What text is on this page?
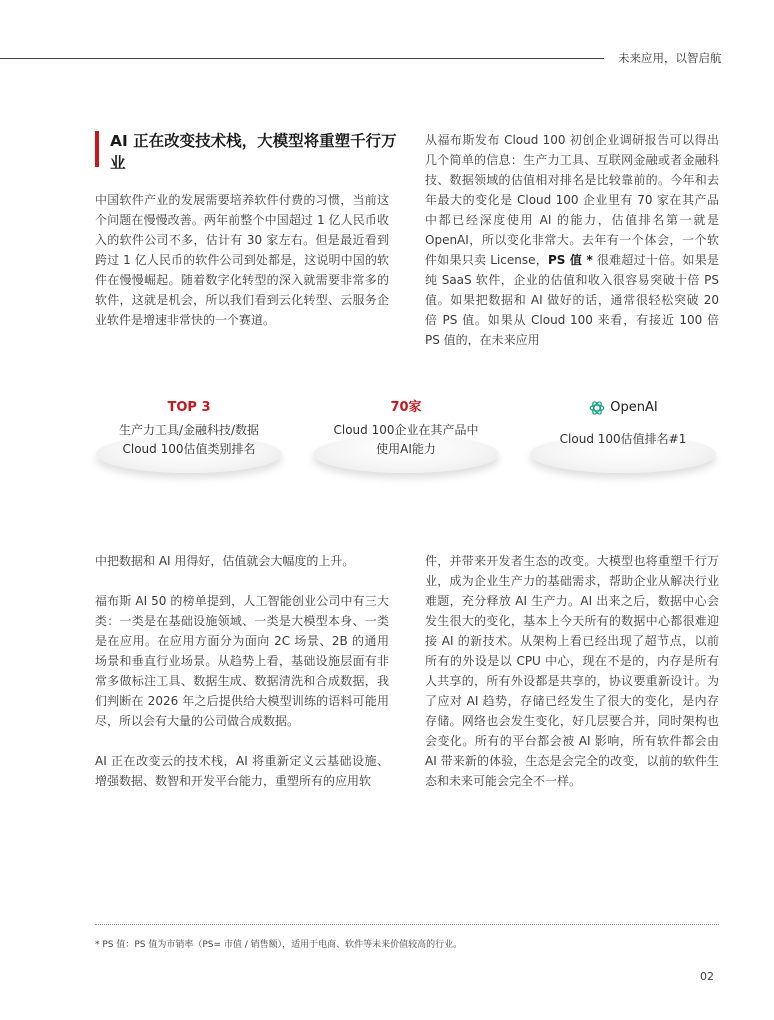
未来应用，以智启航
AI 正在改变技术栈，大模型将重塑千行万业

中国软件产业的发展需要培养软件付费的习惯，当前这个问题在慢慢改善。两年前整个中国超过 1 亿人民币收入的软件公司不多，估计有 30 家左右。但是最近看到跨过 1 亿人民币的软件公司到处都是，这说明中国的软件在慢慢崛起。随着数字化转型的深入就需要非常多的软件，这就是机会，所以我们看到云化转型、云服务企业软件是增速非常快的一个赛道。

从福布斯发布 Cloud 100 初创企业调研报告可以得出几个简单的信息：生产力工具、互联网金融或者金融科技、数据领域的估值相对排名是比较靠前的。今年和去年最大的变化是 Cloud 100 企业里有 70 家在其产品中都已经深度使用 AI 的能力，估值排名第一就是 OpenAI，所以变化非常大。去年有一个体会，一个软件如果只卖 License，PS 值 * 很难超过十倍。如果是纯 SaaS 软件，企业的估值和收入很容易突破十倍 PS 值。如果把数据和 AI 做好的话，通常很轻松突破 20 倍 PS 值。如果从 Cloud 100 来看，有接近 100 倍 PS 值的，在未来应用

TOP 3
生产力工具/金融科技/数据
Cloud 100估值类别排名
70家
Cloud 100企业在其产品中
使用AI能力
OpenAI
Cloud 100估值排名#1

中把数据和 AI 用得好，估值就会大幅度的上升。

福布斯 AI 50 的榜单提到，人工智能创业公司中有三大类：一类是在基础设施领域、一类是大模型本身、一类是在应用。在应用方面分为面向 2C 场景、2B 的通用场景和垂直行业场景。从趋势上看，基础设施层面有非常多做标注工具、数据生成、数据清洗和合成数据，我们判断在 2026 年之后提供给大模型训练的语料可能用尽，所以会有大量的公司做合成数据。

AI 正在改变云的技术栈，AI 将重新定义云基础设施、增强数据、数智和开发平台能力，重塑所有的应用软

件，并带来开发者生态的改变。大模型也将重塑千行万业，成为企业生产力的基础需求，帮助企业从解决行业难题，充分释放 AI 生产力。AI 出来之后，数据中心会发生很大的变化，基本上今天所有的数据中心都很难迎接 AI 的新技术。从架构上看已经出现了超节点，以前所有的外设是以 CPU 中心，现在不是的，内存是所有人共享的，所有外设都是共享的，协议要重新设计。为了应对 AI 趋势，存储已经发生了很大的变化，是内存存储。网络也会发生变化，好几层要合并，同时架构也会变化。所有的平台都会被 AI 影响，所有软件都会由 AI 带来新的体验，生态是会完全的改变，以前的软件生态和未来可能会完全不一样。

* PS 值：PS 值为市销率（PS= 市值 / 销售额），适用于电商、软件等未来价值较高的行业。

02
